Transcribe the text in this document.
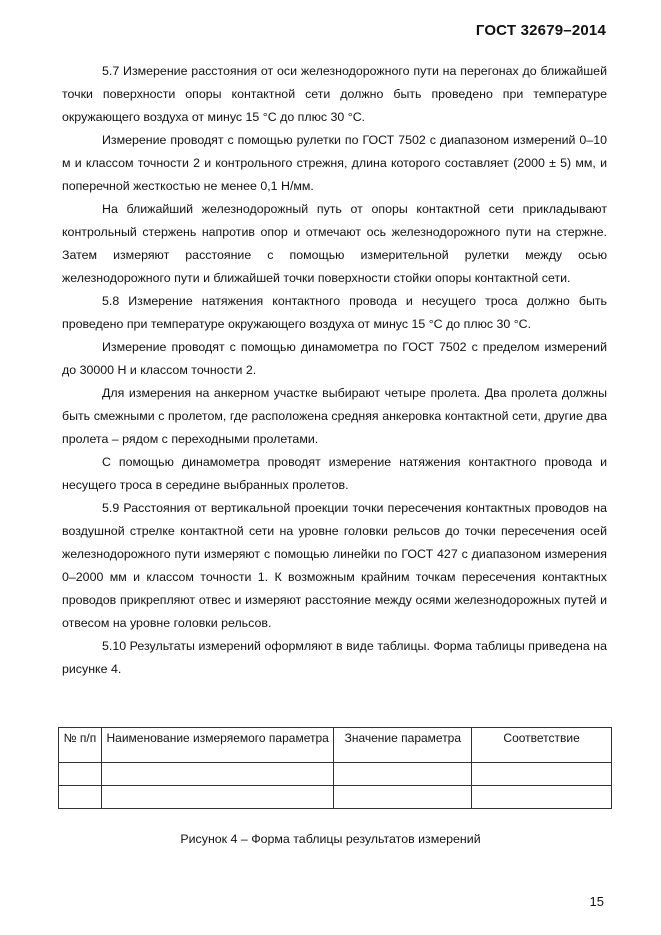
ГОСТ 32679–2014

5.7 Измерение расстояния от оси железнодорожного пути на перегонах до ближайшей точки поверхности опоры контактной сети должно быть проведено при температуре окружающего воздуха от минус 15 °С до плюс 30 °С.

Измерение проводят с помощью рулетки по ГОСТ 7502 с диапазоном измерений 0–10 м и классом точности 2 и контрольного стрежня, длина которого составляет (2000 ± 5) мм, и поперечной жесткостью не менее 0,1 Н/мм.

На ближайший железнодорожный путь от опоры контактной сети прикладывают контрольный стержень напротив опор и отмечают ось железнодорожного пути на стержне. Затем измеряют расстояние с помощью измерительной рулетки между осью железнодорожного пути и ближайшей точки поверхности стойки опоры контактной сети.

5.8 Измерение натяжения контактного провода и несущего троса должно быть проведено при температуре окружающего воздуха от минус 15 °С до плюс 30 °С.

Измерение проводят с помощью динамометра по ГОСТ 7502 с пределом измерений до 30000 Н и классом точности 2.

Для измерения на анкерном участке выбирают четыре пролета. Два пролета должны быть смежными с пролетом, где расположена средняя анкеровка контактной сети, другие два пролета – рядом с переходными пролетами.

С помощью динамометра проводят измерение натяжения контактного провода и несущего троса в середине выбранных пролетов.

5.9 Расстояния от вертикальной проекции точки пересечения контактных проводов на воздушной стрелке контактной сети на уровне головки рельсов до точки пересечения осей железнодорожного пути измеряют с помощью линейки по ГОСТ 427 с диапазоном измерения 0–2000 мм и классом точности 1. К возможным крайним точкам пересечения контактных проводов прикрепляют отвес и измеряют расстояние между осями железнодорожных путей и отвесом на уровне головки рельсов.

5.10 Результаты измерений оформляют в виде таблицы. Форма таблицы приведена на рисунке 4.

№ п/п	Наименование измеряемого параметра	Значение параметра	Соответствие

Рисунок 4 – Форма таблицы результатов измерений
15
